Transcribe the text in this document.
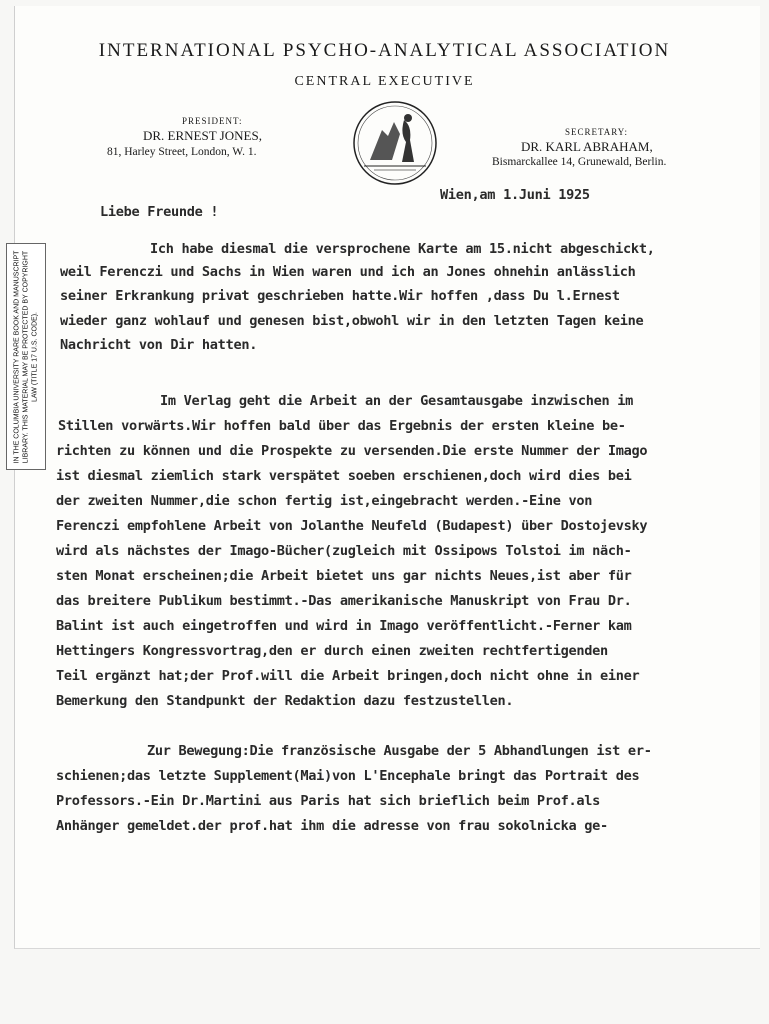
IN THE COLUMBIA UNIVERSITY RARE BOOK AND MANUSCRIPT LIBRARY. THIS MATERIAL MAY BE PROTECTED BY COPYRIGHT LAW (TITLE 17 U.S. CODE).
INTERNATIONAL PSYCHO-ANALYTICAL ASSOCIATION
CENTRAL EXECUTIVE
PRESIDENT:
DR. ERNEST JONES,
81, Harley Street, London, W. 1.
SECRETARY:
DR. KARL ABRAHAM,
Bismarckallee 14, Grunewald, Berlin.
Wien,am 1.Juni 1925
Liebe Freunde !
Ich habe diesmal die versprochene Karte am 15.nicht abgeschickt,
weil Ferenczi und Sachs in Wien waren und ich an Jones ohnehin anlässlich
seiner Erkrankung privat geschrieben hatte.Wir hoffen ,dass Du l.Ernest
wieder ganz wohlauf und genesen bist,obwohl wir in den letzten Tagen keine
Nachricht von Dir hatten.
Im Verlag geht die Arbeit an der Gesamtausgabe inzwischen im
Stillen vorwärts.Wir hoffen bald über das Ergebnis der ersten kleine be-
richten zu können und die Prospekte zu versenden.Die erste Nummer der Imago
ist diesmal ziemlich stark verspätet soeben erschienen,doch wird dies bei
der zweiten Nummer,die schon fertig ist,eingebracht werden.-Eine von
Ferenczi empfohlene Arbeit von Jolanthe Neufeld (Budapest) über Dostojevsky
wird als nächstes der Imago-Bücher(zugleich mit Ossipows Tolstoi im näch-
sten Monat erscheinen;die Arbeit bietet uns gar nichts Neues,ist aber für
das breitere Publikum bestimmt.-Das amerikanische Manuskript von Frau Dr.
Balint ist auch eingetroffen und wird in Imago veröffentlicht.-Ferner kam
Hettingers Kongressvortrag,den er durch einen zweiten rechtfertigenden
Teil ergänzt hat;der Prof.will die Arbeit bringen,doch nicht ohne in einer
Bemerkung den Standpunkt der Redaktion dazu festzustellen.
Zur Bewegung:Die französische Ausgabe der 5 Abhandlungen ist er-
schienen;das letzte Supplement(Mai)von L'Encephale bringt das Portrait des
Professors.-Ein Dr.Martini aus Paris hat sich brieflich beim Prof.als
Anhänger gemeldet.der prof.hat ihm die adresse von frau sokolnicka ge-
